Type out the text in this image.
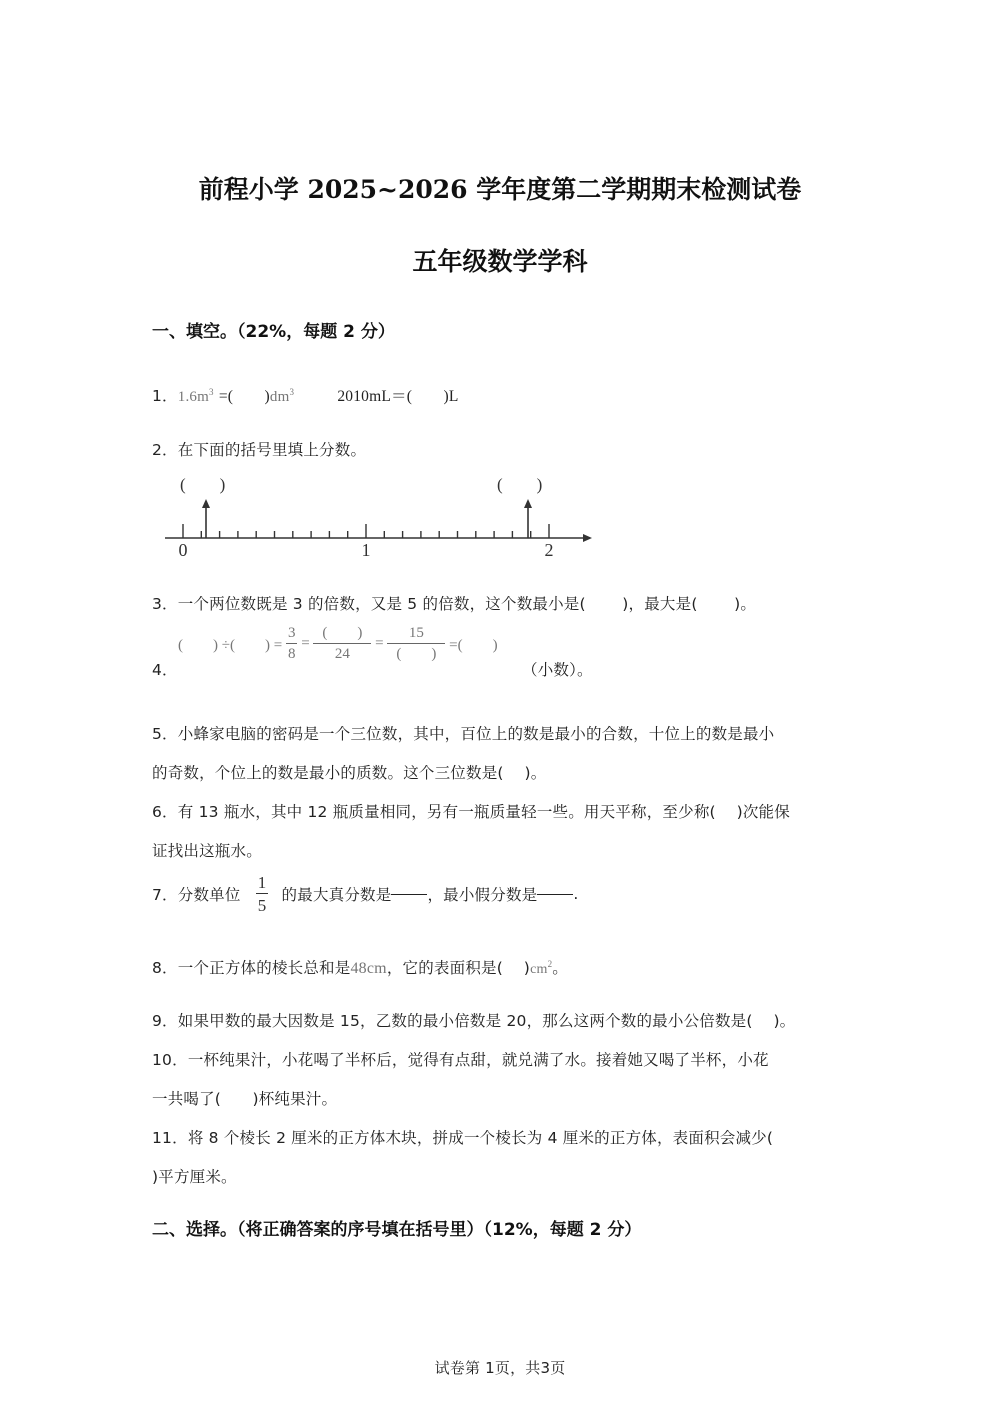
前程小学 2025~2026 学年度第二学期期末检测试卷
五年级数学学科
一、填空。（22%，每题 2 分）
1．$1.6m^3$ =(　　)$dm^3$	2010mL＝(　　)L
2．在下面的括号里填上分数。
(　　)	(　　)
0	1	2
3．一个两位数既是 3 的倍数，又是 5 的倍数，这个数最小是(　　 )，最大是(　　 )。
4．
(　　) ÷(　　) = $\frac{3}{8} = \frac{( )}{24} = \frac{15}{( )}$ =(　　)
（小数）。
5．小蜂家电脑的密码是一个三位数，其中，百位上的数是最小的合数，十位上的数是最小
的奇数，个位上的数是最小的质数。这个三位数是(　 )。
6．有 13 瓶水，其中 12 瓶质量相同，另有一瓶质量轻一些。用天平称，至少称(　 )次能保
证找出这瓶水。
7．分数单位 $\frac{1}{5}$ 的最大真分数是 ，最小假分数是 .
8．一个正方体的棱长总和是48cm，它的表面积是(　 )$cm^2$。
9．如果甲数的最大因数是 15，乙数的最小倍数是 20，那么这两个数的最小公倍数是(　 )。
10．一杯纯果汁，小花喝了半杯后，觉得有点甜，就兑满了水。接着她又喝了半杯，小花
一共喝了(　　)杯纯果汁。
11．将 8 个棱长 2 厘米的正方体木块，拼成一个棱长为 4 厘米的正方体，表面积会减少(
)平方厘米。
二、选择。（将正确答案的序号填在括号里）（12%，每题 2 分）
试卷第 1页，共3页
